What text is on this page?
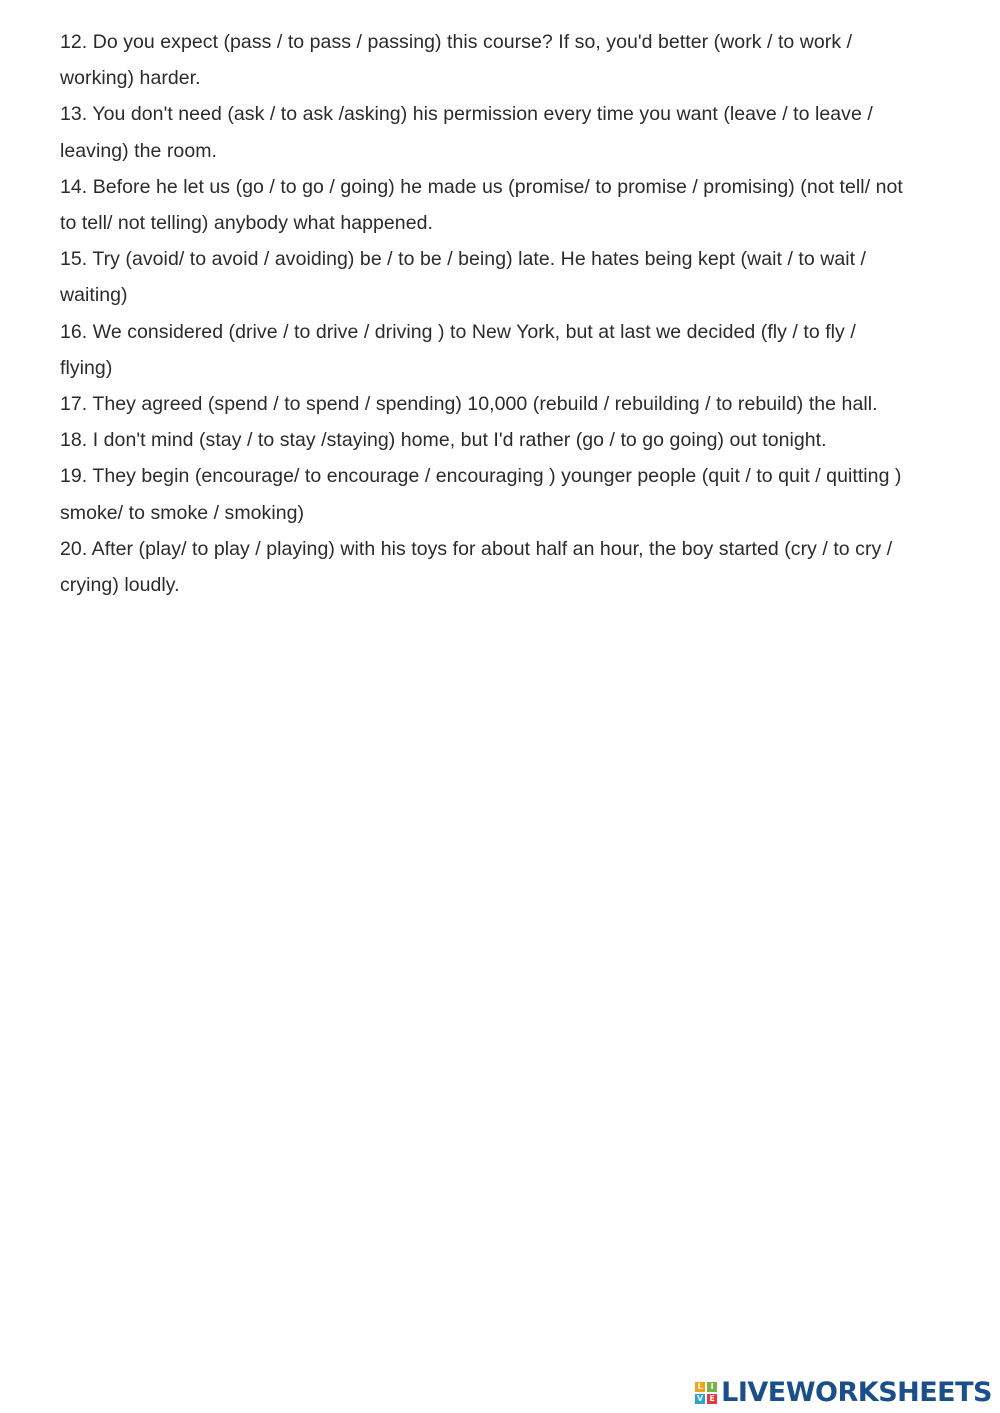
12. Do you expect (pass / to pass / passing) this course? If so, you'd better (work / to work /

working) harder.

13. You don't need (ask / to ask /asking) his permission every time you want (leave / to leave /

leaving) the room.

14. Before he let us (go / to go / going) he made us (promise/ to promise / promising) (not tell/ not

to tell/ not telling) anybody what happened.

15. Try (avoid/ to avoid / avoiding) be / to be / being) late. He hates being kept (wait / to wait /

waiting)

16. We considered (drive / to drive / driving ) to New York, but at last we decided (fly / to fly /

flying)

17. They agreed (spend / to spend / spending) 10,000 (rebuild / rebuilding / to rebuild) the hall.

18. I don't mind (stay / to stay /staying) home, but I'd rather (go / to go going) out tonight.

19. They begin (encourage/ to encourage / encouraging ) younger people (quit / to quit / quitting )

smoke/ to smoke / smoking)

20. After (play/ to play / playing) with his toys for about half an hour, the boy started (cry / to cry /

crying) loudly.

L I
V E LIVEWORKSHEETS
